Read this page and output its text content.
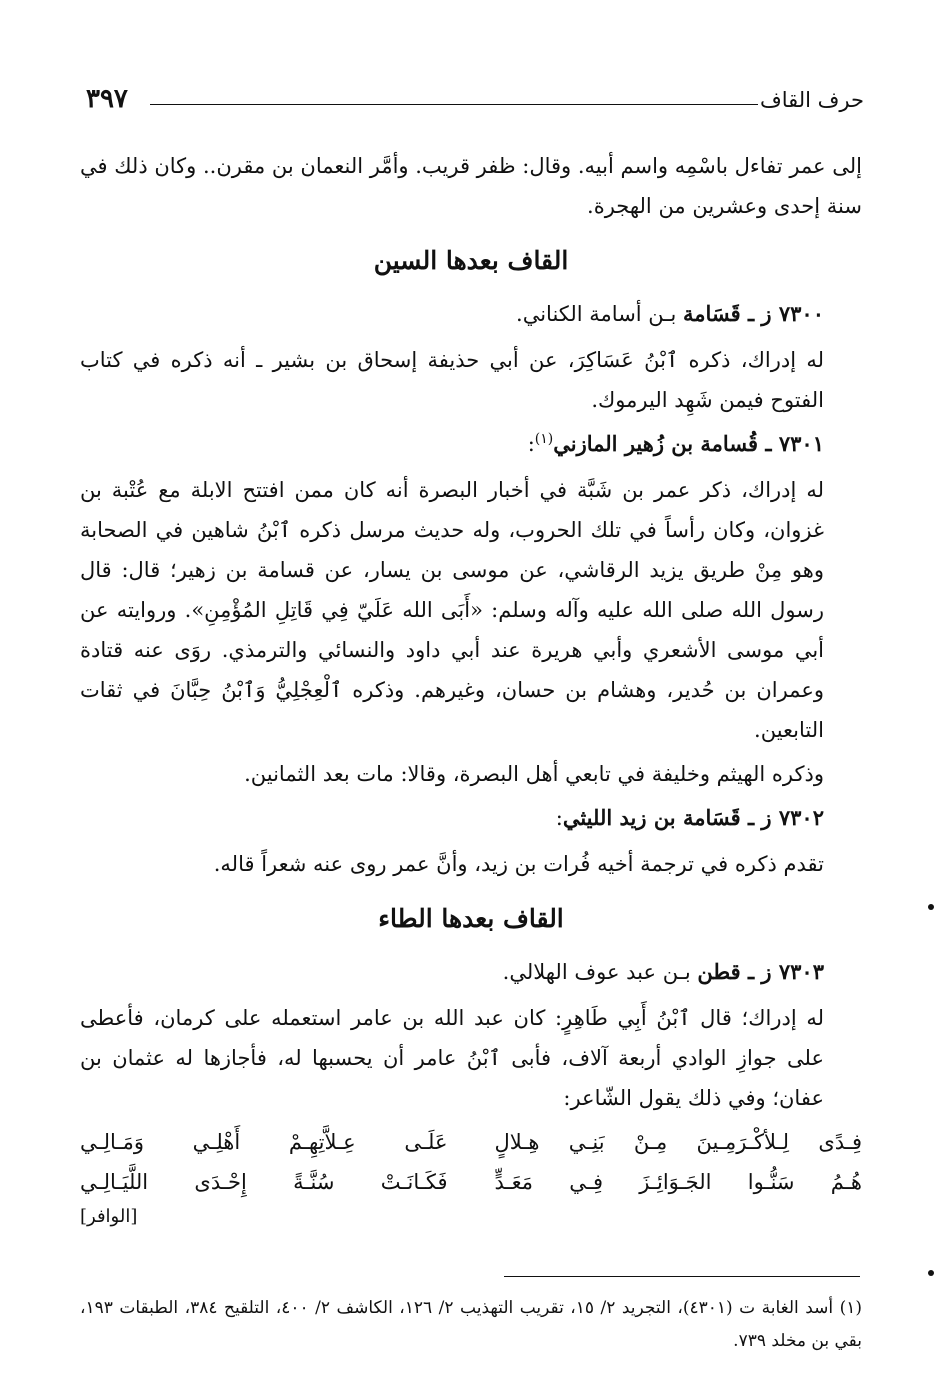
٣٩٧	حرف القاف

إلى عمر تفاءل باسْمِه واسم أبيه. وقال: ظفر قريب. وأمَّر النعمان بن مقرن.. وكان ذلك في سنة إحدى وعشرين من الهجرة.

القاف بعدها السين
٧٣٠٠ ز ـ قَسَامة بـن أسامة الكناني.

له إدراك، ذكره ٱبْنُ عَسَاكِرَ، عن أبي حذيفة إسحاق بن بشير ـ أنه ذكره في كتاب الفتوح فيمن شَهِد اليرموك.

٧٣٠١ ـ قُسامة بن زُهير المازني$^{(١)}$:

له إدراك، ذكر عمر بن شَبَّة في أخبار البصرة أنه كان ممن افتتح الابلة مع عُتْبة بن غزوان، وكان رأساً في تلك الحروب، وله حديث مرسل ذكره ٱبْنُ شاهين في الصحابة وهو مِنْ طريق يزيد الرقاشي، عن موسى بن يسار، عن قسامة بن زهير؛ قال: قال رسول الله صلى الله عليه وآله وسلم: «أَبَى الله عَلَيّ فِي قَاتِلِ المُؤْمِنِ». وروايته عن أبي موسى الأشعري وأبي هريرة عند أبي داود والنسائي والترمذي. روَى عنه قتادة وعمران بن حُدير، وهشام بن حسان، وغيرهم. وذكره ٱلْعِجْلِيُّ وَٱبْنُ حِبَّانَ في ثقات التابعين.

وذكره الهيثم وخليفة في تابعي أهل البصرة، وقالا: مات بعد الثمانين.

٧٣٠٢ ز ـ قَسَامة بن زيد الليثي:

تقدم ذكره في ترجمة أخيه فُرات بن زيد، وأنَّ عمر روى عنه شعراً قاله.

القاف بعدها الطاء
٧٣٠٣ ز ـ قطن بـن عبد عوف الهلالي.

له إدراك؛ قال ٱبْنُ أَبِي طَاهِرٍ: كان عبد الله بن عامر استعمله على كرمان، فأعطى على جوازِ الوادي أربعة آلاف، فأبى ٱبْنُ عامر أن يحسبها له، فأجازها له عثمان بن عفان؛ وفي ذلك يقول الشّاعر:

فِـدًى لِـلأكْـرَمِـينَ مِـنْ بَنِـي هِـلالٍ
عَلَـى عِـلاَّتِهِـمْ أَهْلِـي وَمَـالِـي
هُـمُ سَنُّـوا الجَـوَائِـزَ فِـي مَعَـدٍّ
فَكَـانَـتْ سُنَّـةً إِحْـدَى اللَّيَـالِـي
[الوافر]

(١) أسد الغابة ت (٤٣٠١)، التجريد ٢/ ١٥، تقريب التهذيب ٢/ ١٢٦، الكاشف ٢/ ٤٠٠، التلقيح ٣٨٤، الطبقات ١٩٣، بقي بن مخلد ٧٣٩.
